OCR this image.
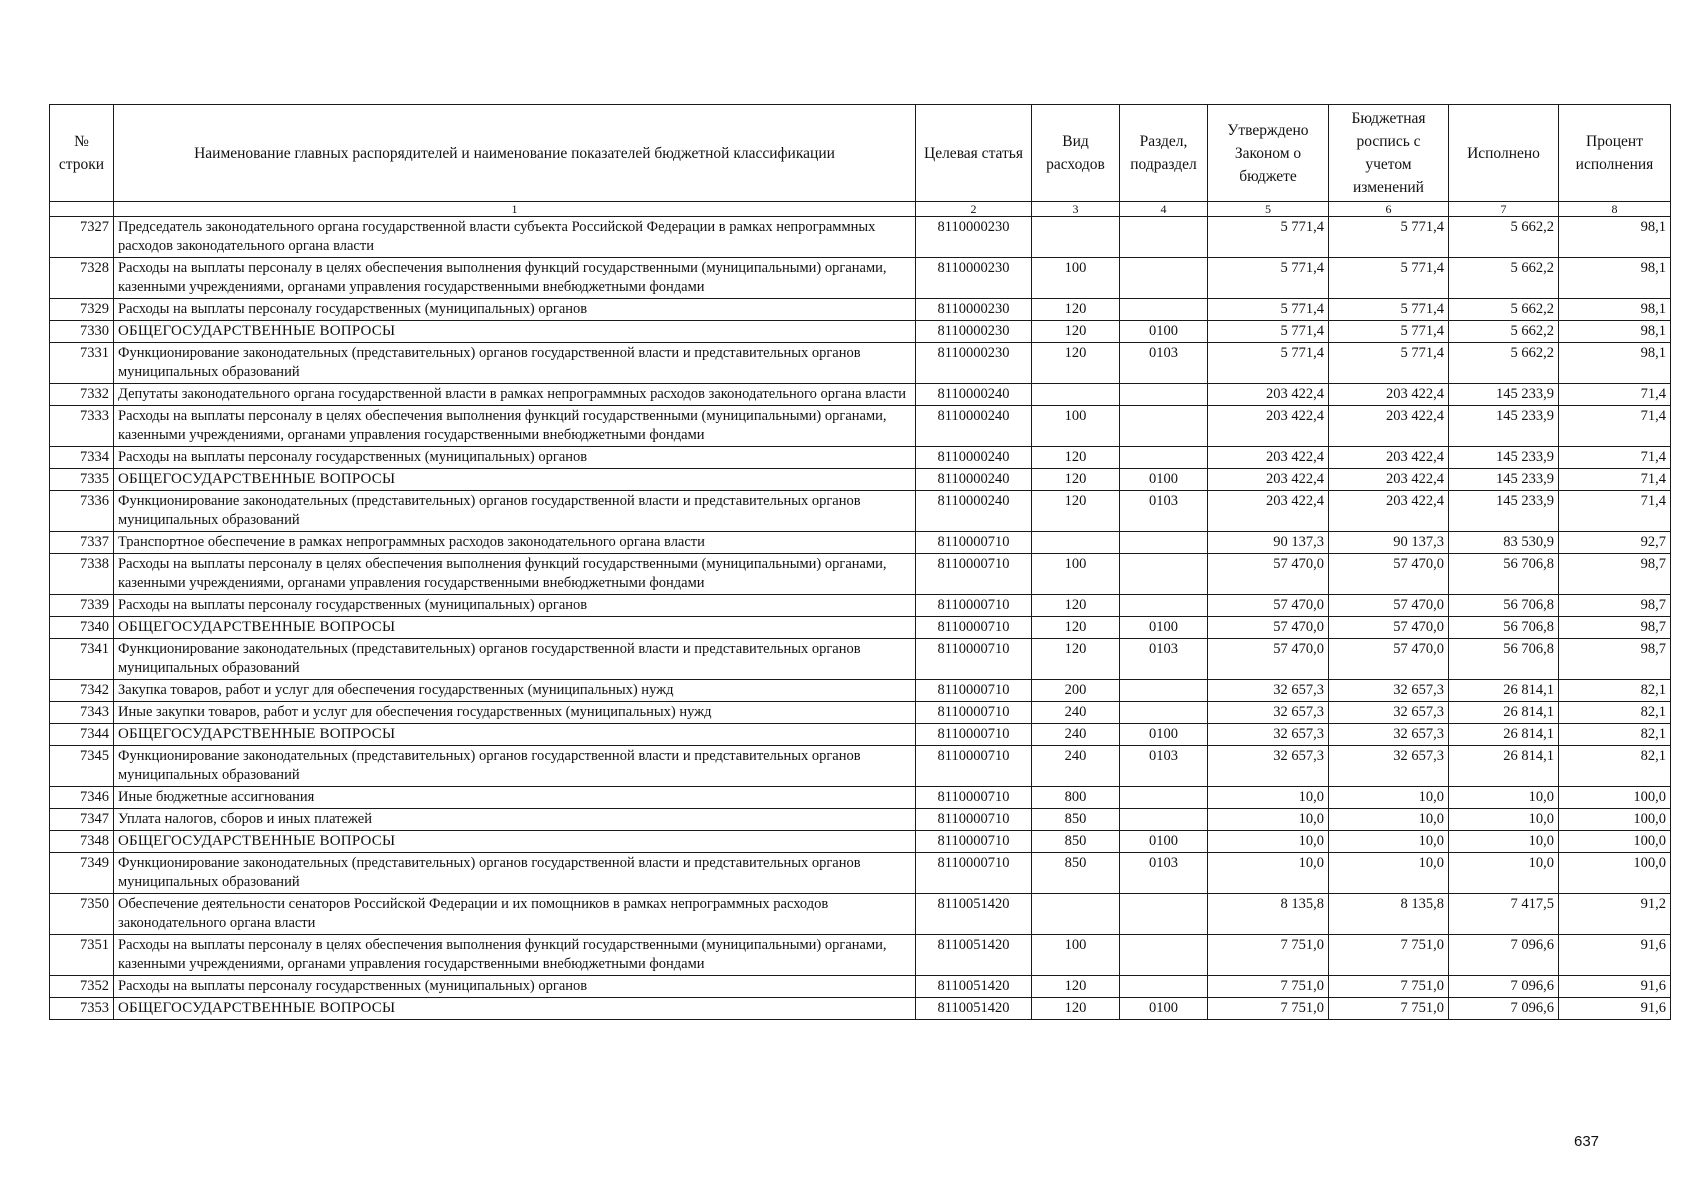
№ строки	Наименование главных распорядителей и наименование показателей бюджетной классификации	Целевая статья	Вид расходов	Раздел, подраздел	Утверждено Законом о бюджете	Бюджетная роспись с учетом изменений	Исполнено	Процент исполнения
	1	2	3	4	5	6	7	8
7327	Председатель законодательного органа государственной власти субъекта Российской Федерации в рамках непрограммных расходов законодательного органа власти	8110000230			5 771,4	5 771,4	5 662,2	98,1
7328	Расходы на выплаты персоналу в целях обеспечения выполнения функций государственными (муниципальными) органами, казенными учреждениями, органами управления государственными внебюджетными фондами	8110000230	100		5 771,4	5 771,4	5 662,2	98,1
7329	Расходы на выплаты персоналу государственных (муниципальных) органов	8110000230	120		5 771,4	5 771,4	5 662,2	98,1
7330	ОБЩЕГОСУДАРСТВЕННЫЕ ВОПРОСЫ	8110000230	120	0100	5 771,4	5 771,4	5 662,2	98,1
7331	Функционирование законодательных (представительных) органов государственной власти и представительных органов муниципальных образований	8110000230	120	0103	5 771,4	5 771,4	5 662,2	98,1
7332	Депутаты законодательного органа государственной власти в рамках непрограммных расходов законодательного органа власти	8110000240			203 422,4	203 422,4	145 233,9	71,4
7333	Расходы на выплаты персоналу в целях обеспечения выполнения функций государственными (муниципальными) органами, казенными учреждениями, органами управления государственными внебюджетными фондами	8110000240	100		203 422,4	203 422,4	145 233,9	71,4
7334	Расходы на выплаты персоналу государственных (муниципальных) органов	8110000240	120		203 422,4	203 422,4	145 233,9	71,4
7335	ОБЩЕГОСУДАРСТВЕННЫЕ ВОПРОСЫ	8110000240	120	0100	203 422,4	203 422,4	145 233,9	71,4
7336	Функционирование законодательных (представительных) органов государственной власти и представительных органов муниципальных образований	8110000240	120	0103	203 422,4	203 422,4	145 233,9	71,4
7337	Транспортное обеспечение в рамках непрограммных расходов законодательного органа власти	8110000710			90 137,3	90 137,3	83 530,9	92,7
7338	Расходы на выплаты персоналу в целях обеспечения выполнения функций государственными (муниципальными) органами, казенными учреждениями, органами управления государственными внебюджетными фондами	8110000710	100		57 470,0	57 470,0	56 706,8	98,7
7339	Расходы на выплаты персоналу государственных (муниципальных) органов	8110000710	120		57 470,0	57 470,0	56 706,8	98,7
7340	ОБЩЕГОСУДАРСТВЕННЫЕ ВОПРОСЫ	8110000710	120	0100	57 470,0	57 470,0	56 706,8	98,7
7341	Функционирование законодательных (представительных) органов государственной власти и представительных органов муниципальных образований	8110000710	120	0103	57 470,0	57 470,0	56 706,8	98,7
7342	Закупка товаров, работ и услуг для обеспечения государственных (муниципальных) нужд	8110000710	200		32 657,3	32 657,3	26 814,1	82,1
7343	Иные закупки товаров, работ и услуг для обеспечения государственных (муниципальных) нужд	8110000710	240		32 657,3	32 657,3	26 814,1	82,1
7344	ОБЩЕГОСУДАРСТВЕННЫЕ ВОПРОСЫ	8110000710	240	0100	32 657,3	32 657,3	26 814,1	82,1
7345	Функционирование законодательных (представительных) органов государственной власти и представительных органов муниципальных образований	8110000710	240	0103	32 657,3	32 657,3	26 814,1	82,1
7346	Иные бюджетные ассигнования	8110000710	800		10,0	10,0	10,0	100,0
7347	Уплата налогов, сборов и иных платежей	8110000710	850		10,0	10,0	10,0	100,0
7348	ОБЩЕГОСУДАРСТВЕННЫЕ ВОПРОСЫ	8110000710	850	0100	10,0	10,0	10,0	100,0
7349	Функционирование законодательных (представительных) органов государственной власти и представительных органов муниципальных образований	8110000710	850	0103	10,0	10,0	10,0	100,0
7350	Обеспечение деятельности сенаторов Российской Федерации и их помощников в рамках непрограммных расходов законодательного органа власти	8110051420			8 135,8	8 135,8	7 417,5	91,2
7351	Расходы на выплаты персоналу в целях обеспечения выполнения функций государственными (муниципальными) органами, казенными учреждениями, органами управления государственными внебюджетными фондами	8110051420	100		7 751,0	7 751,0	7 096,6	91,6
7352	Расходы на выплаты персоналу государственных (муниципальных) органов	8110051420	120		7 751,0	7 751,0	7 096,6	91,6
7353	ОБЩЕГОСУДАРСТВЕННЫЕ ВОПРОСЫ	8110051420	120	0100	7 751,0	7 751,0	7 096,6	91,6
637
